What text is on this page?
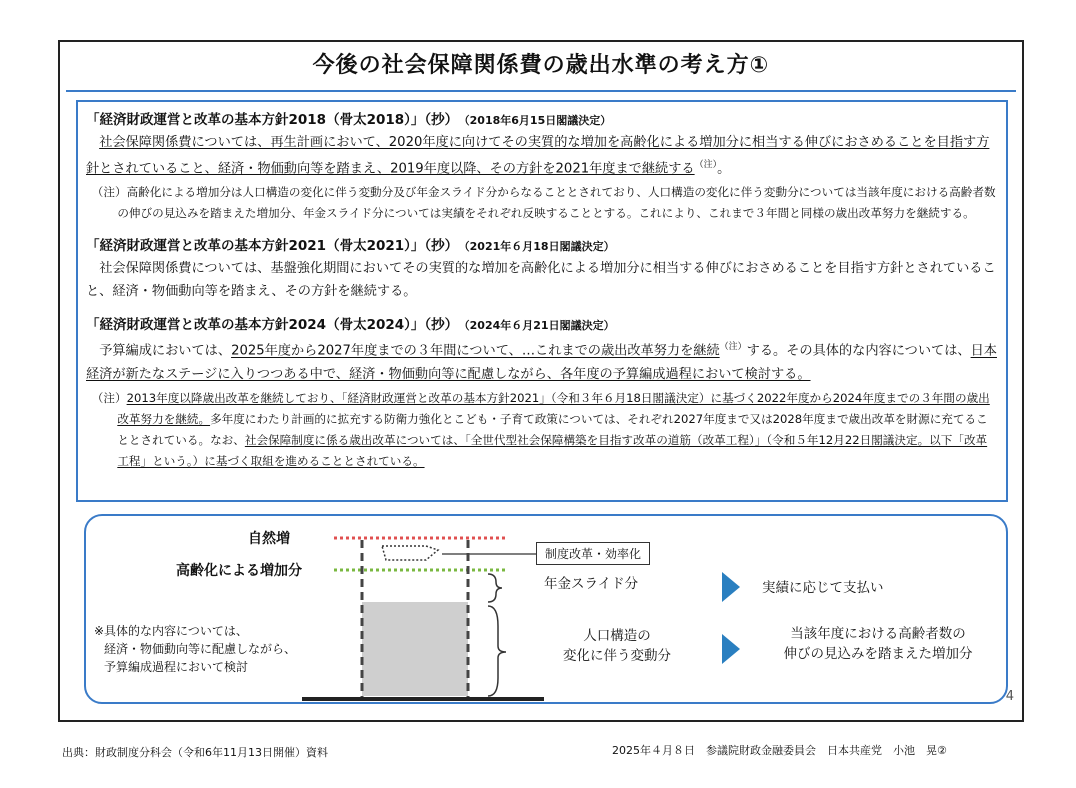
今後の社会保障関係費の歳出水準の考え方①
「経済財政運営と改革の基本方針2018（骨太2018）」（抄） （2018年6月15日閣議決定）
社会保障関係費については、再生計画において、2020年度に向けてその実質的な増加を高齢化による増加分に相当する伸びにおさめることを目指す方針とされていること、経済・物価動向等を踏まえ、2019年度以降、その方針を2021年度まで継続する$^{(注)}$。
（注）高齢化による増加分は人口構造の変化に伴う変動分及び年金スライド分からなることとされており、人口構造の変化に伴う変動分については当該年度における高齢者数の伸びの見込みを踏まえた増加分、年金スライド分については実績をそれぞれ反映することとする。これにより、これまで３年間と同様の歳出改革努力を継続する。
「経済財政運営と改革の基本方針2021（骨太2021）」（抄） （2021年６月18日閣議決定）
社会保障関係費については、基盤強化期間においてその実質的な増加を高齢化による増加分に相当する伸びにおさめることを目指す方針とされていること、経済・物価動向等を踏まえ、その方針を継続する。
「経済財政運営と改革の基本方針2024（骨太2024）」（抄） （2024年６月21日閣議決定）
予算編成においては、2025年度から2027年度までの３年間について、…これまでの歳出改革努力を継続$^{(注)}$する。その具体的な内容については、日本経済が新たなステージに入りつつある中で、経済・物価動向等に配慮しながら、各年度の予算編成過程において検討する。
（注）2013年度以降歳出改革を継続しており、「経済財政運営と改革の基本方針2021」（令和３年６月18日閣議決定）に基づく2022年度から2024年度までの３年間の歳出改革努力を継続。多年度にわたり計画的に拡充する防衛力強化とこども・子育て政策については、それぞれ2027年度まで又は2028年度まで歳出改革を財源に充てることとされている。なお、社会保障制度に係る歳出改革については、「全世代型社会保障構築を目指す改革の道筋（改革工程）」（令和５年12月22日閣議決定。以下「改革工程」という。）に基づく取組を進めることとされている。
自然増
高齢化による増加分
制度改革・効率化
年金スライド分	実績に応じて支払い
人口構造の
変化に伴う変動分
当該年度における高齢者数の
伸びの見込みを踏まえた増加分
※具体的な内容については、
経済・物価動向等に配慮しながら、
予算編成過程において検討
4
出典：財政制度分科会（令和6年11月13日開催）資料	2025年４月８日　参議院財政金融委員会　日本共産党　小池　晃②
